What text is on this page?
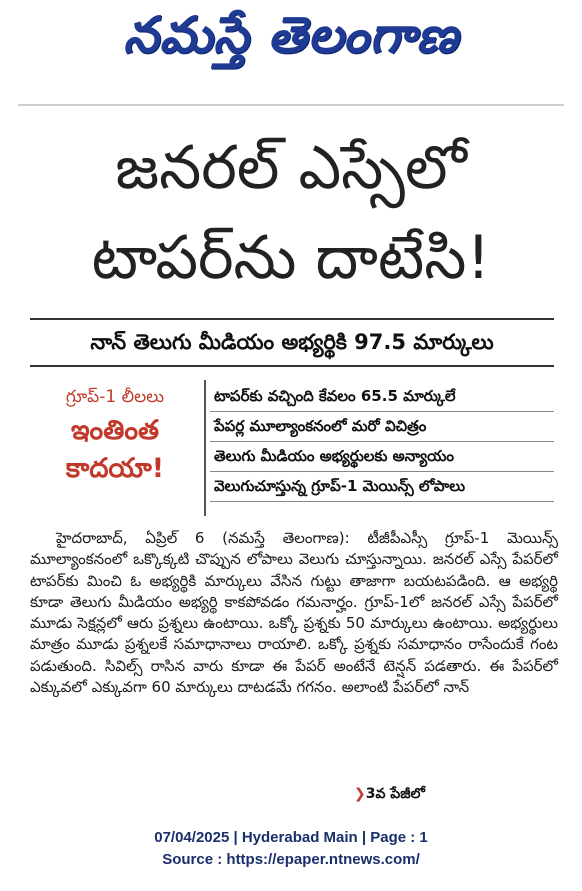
నమస్తే తెలంగాణ
జనరల్ ఎస్సేలో
టాపర్‌ను దాటేసి!
నాన్ తెలుగు మీడియం అభ్యర్థికి 97.5 మార్కులు
గ్రూప్-1 లీలలు
ఇంతింత
కాదయా!
టాపర్‌కు వచ్చింది కేవలం 65.5 మార్కులే
పేపర్ల మూల్యాంకనంలో మరో విచిత్రం
తెలుగు మీడియం అభ్యర్థులకు అన్యాయం
వెలుగుచూస్తున్న గ్రూప్-1 మెయిన్స్ లోపాలు
హైదరాబాద్, ఏప్రిల్ 6 (నమస్తే తెలంగాణ): టీజీపీఎస్సీ గ్రూప్-1 మెయిన్స్ మూల్యాంకనంలో ఒక్కొక్కటి చొప్పున లోపాలు వెలుగు చూస్తున్నాయి. జనరల్ ఎస్సే పేపర్‌లో టాపర్‌కు మించి ఓ అభ్యర్థికి మార్కులు వేసిన గుట్టు తాజాగా బయటపడింది. ఆ అభ్యర్థి కూడా తెలుగు మీడియం అభ్యర్థి కాకపోవడం గమనార్హం. గ్రూప్-1లో జనరల్ ఎస్సే పేపర్‌లో మూడు సెక్షన్లలో ఆరు ప్రశ్నలు ఉంటాయి. ఒక్కో ప్రశ్నకు 50 మార్కులు ఉంటాయి. అభ్యర్థులు మాత్రం మూడు ప్రశ్నలకే సమాధానాలు రాయాలి. ఒక్కో ప్రశ్నకు సమాధానం రాసేందుకే గంట పడుతుంది. సివిల్స్ రాసిన వారు కూడా ఈ పేపర్ అంటేనే టెన్షన్ పడతారు. ఈ పేపర్‌లో ఎక్కువలో ఎక్కువగా 60 మార్కులు దాటడమే గగనం. అలాంటి పేపర్‌లో నాన్
❯3వ పేజీలో
07/04/2025 | Hyderabad Main | Page : 1
Source : https://epaper.ntnews.com/
